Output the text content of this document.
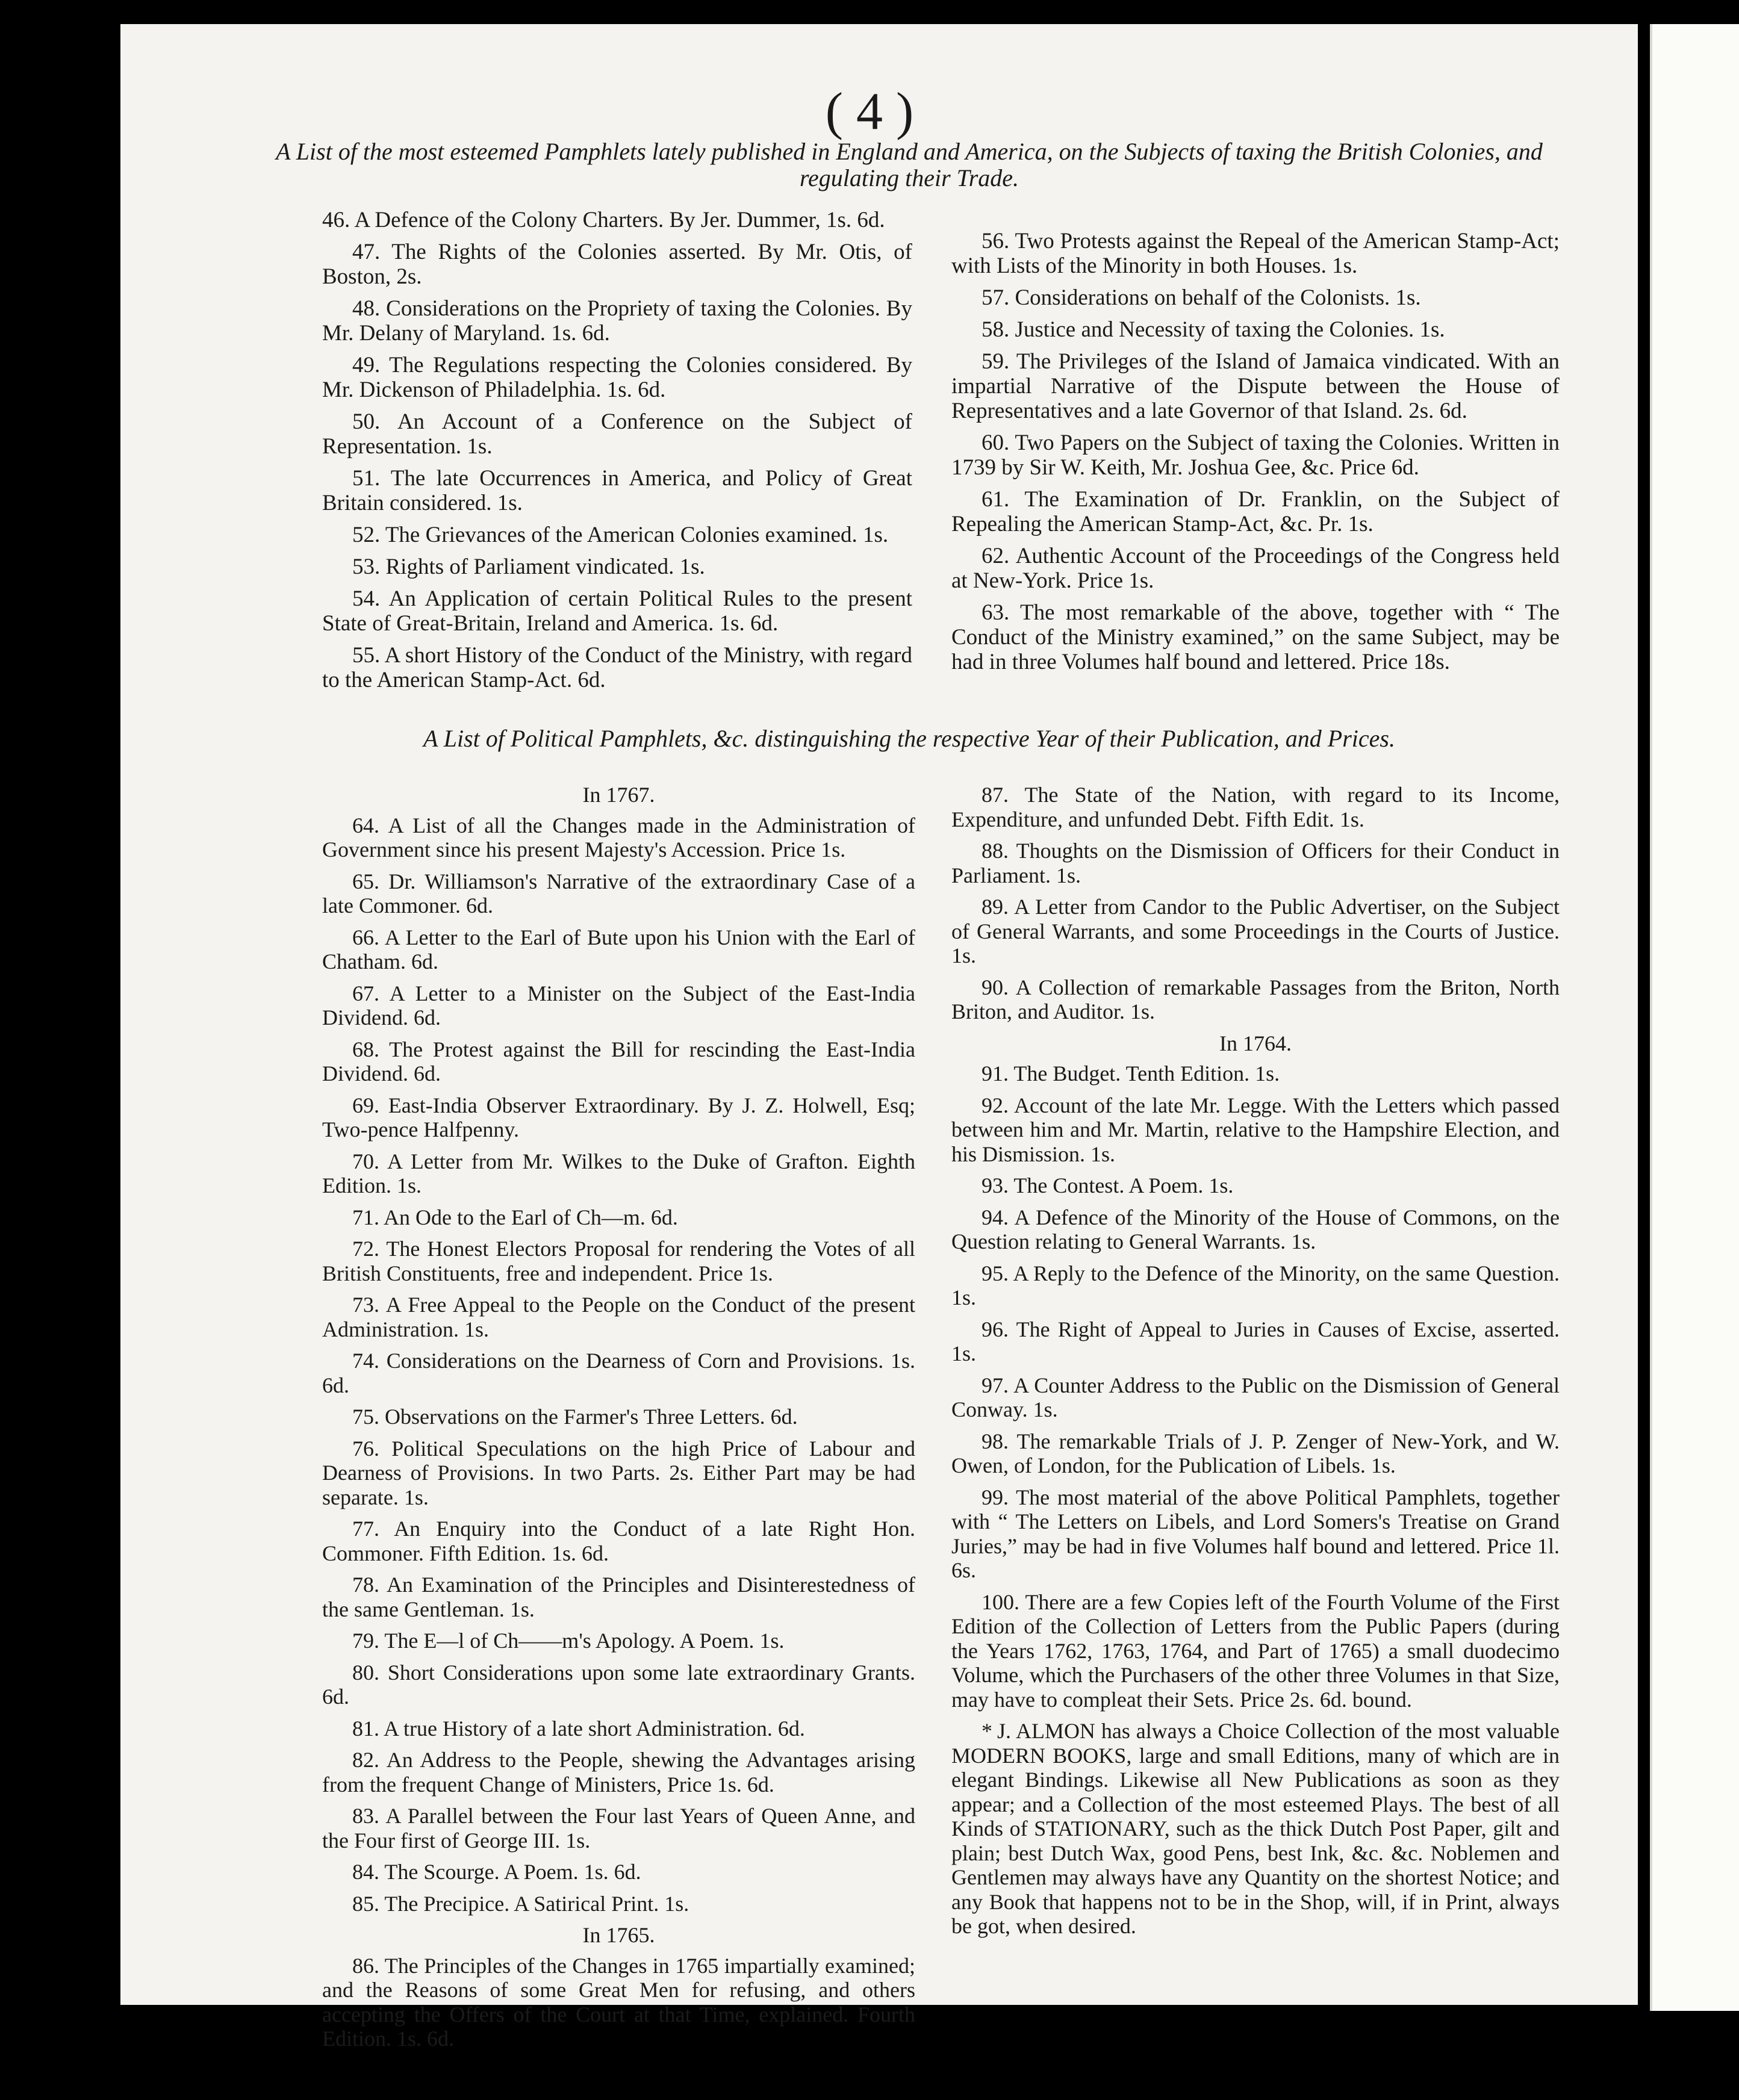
( 4 )
A List of the most esteemed Pamphlets lately published in England and America, on the Subjects of taxing the British Colonies, and regulating their Trade.

46. A Defence of the Colony Charters. By Jer. Dummer, 1s. 6d.

47. The Rights of the Colonies asserted. By Mr. Otis, of Boston, 2s.

48. Considerations on the Propriety of taxing the Colonies. By Mr. Delany of Maryland. 1s. 6d.

49. The Regulations respecting the Colonies considered. By Mr. Dickenson of Philadelphia. 1s. 6d.

50. An Account of a Conference on the Subject of Representation. 1s.

51. The late Occurrences in America, and Policy of Great Britain considered. 1s.

52. The Grievances of the American Colonies examined. 1s.

53. Rights of Parliament vindicated. 1s.

54. An Application of certain Political Rules to the present State of Great-Britain, Ireland and America. 1s. 6d.

55. A short History of the Conduct of the Ministry, with regard to the American Stamp-Act. 6d.

56. Two Protests against the Repeal of the American Stamp-Act; with Lists of the Minority in both Houses. 1s.

57. Considerations on behalf of the Colonists. 1s.

58. Justice and Necessity of taxing the Colonies. 1s.

59. The Privileges of the Island of Jamaica vindicated. With an impartial Narrative of the Dispute between the House of Representatives and a late Governor of that Island. 2s. 6d.

60. Two Papers on the Subject of taxing the Colonies. Written in 1739 by Sir W. Keith, Mr. Joshua Gee, &c. Price 6d.

61. The Examination of Dr. Franklin, on the Subject of Repealing the American Stamp-Act, &c. Pr. 1s.

62. Authentic Account of the Proceedings of the Congress held at New-York. Price 1s.

63. The most remarkable of the above, together with “ The Conduct of the Ministry examined,” on the same Subject, may be had in three Volumes half bound and lettered. Price 18s.

A List of Political Pamphlets, &c. distinguishing the respective Year of their Publication, and Prices.

In 1767.

64. A List of all the Changes made in the Administration of Government since his present Majesty's Accession. Price 1s.

65. Dr. Williamson's Narrative of the extraordinary Case of a late Commoner. 6d.

66. A Letter to the Earl of Bute upon his Union with the Earl of Chatham. 6d.

67. A Letter to a Minister on the Subject of the East-India Dividend. 6d.

68. The Protest against the Bill for rescinding the East-India Dividend. 6d.

69. East-India Observer Extraordinary. By J. Z. Holwell, Esq; Two-pence Halfpenny.

70. A Letter from Mr. Wilkes to the Duke of Grafton. Eighth Edition. 1s.

71. An Ode to the Earl of Ch—m. 6d.

72. The Honest Electors Proposal for rendering the Votes of all British Constituents, free and independent. Price 1s.

73. A Free Appeal to the People on the Conduct of the present Administration. 1s.

74. Considerations on the Dearness of Corn and Provisions. 1s. 6d.

75. Observations on the Farmer's Three Letters. 6d.

76. Political Speculations on the high Price of Labour and Dearness of Provisions. In two Parts. 2s. Either Part may be had separate. 1s.

77. An Enquiry into the Conduct of a late Right Hon. Commoner. Fifth Edition. 1s. 6d.

78. An Examination of the Principles and Disinterestedness of the same Gentleman. 1s.

79. The E—l of Ch——m's Apology. A Poem. 1s.

80. Short Considerations upon some late extraordinary Grants. 6d.

81. A true History of a late short Administration. 6d.

82. An Address to the People, shewing the Advantages arising from the frequent Change of Ministers, Price 1s. 6d.

83. A Parallel between the Four last Years of Queen Anne, and the Four first of George III. 1s.

84. The Scourge. A Poem. 1s. 6d.

85. The Precipice. A Satirical Print. 1s.

In 1765.

86. The Principles of the Changes in 1765 impartially examined; and the Reasons of some Great Men for refusing, and others accepting the Offers of the Court at that Time, explained. Fourth Edition. 1s. 6d.

87. The State of the Nation, with regard to its Income, Expenditure, and unfunded Debt. Fifth Edit. 1s.

88. Thoughts on the Dismission of Officers for their Conduct in Parliament. 1s.

89. A Letter from Candor to the Public Advertiser, on the Subject of General Warrants, and some Proceedings in the Courts of Justice. 1s.

90. A Collection of remarkable Passages from the Briton, North Briton, and Auditor. 1s.

In 1764.

91. The Budget. Tenth Edition. 1s.

92. Account of the late Mr. Legge. With the Letters which passed between him and Mr. Martin, relative to the Hampshire Election, and his Dismission. 1s.

93. The Contest. A Poem. 1s.

94. A Defence of the Minority of the House of Commons, on the Question relating to General Warrants. 1s.

95. A Reply to the Defence of the Minority, on the same Question. 1s.

96. The Right of Appeal to Juries in Causes of Excise, asserted. 1s.

97. A Counter Address to the Public on the Dismission of General Conway. 1s.

98. The remarkable Trials of J. P. Zenger of New-York, and W. Owen, of London, for the Publication of Libels. 1s.

99. The most material of the above Political Pamphlets, together with “ The Letters on Libels, and Lord Somers's Treatise on Grand Juries,” may be had in five Volumes half bound and lettered. Price 1l. 6s.

100. There are a few Copies left of the Fourth Volume of the First Edition of the Collection of Letters from the Public Papers (during the Years 1762, 1763, 1764, and Part of 1765) a small duodecimo Volume, which the Purchasers of the other three Volumes in that Size, may have to compleat their Sets. Price 2s. 6d. bound.

* J. ALMON has always a Choice Collection of the most valuable MODERN BOOKS, large and small Editions, many of which are in elegant Bindings. Likewise all New Publications as soon as they appear; and a Collection of the most esteemed Plays. The best of all Kinds of STATIONARY, such as the thick Dutch Post Paper, gilt and plain; best Dutch Wax, good Pens, best Ink, &c. &c. Noblemen and Gentlemen may always have any Quantity on the shortest Notice; and any Book that happens not to be in the Shop, will, if in Print, always be got, when desired.
